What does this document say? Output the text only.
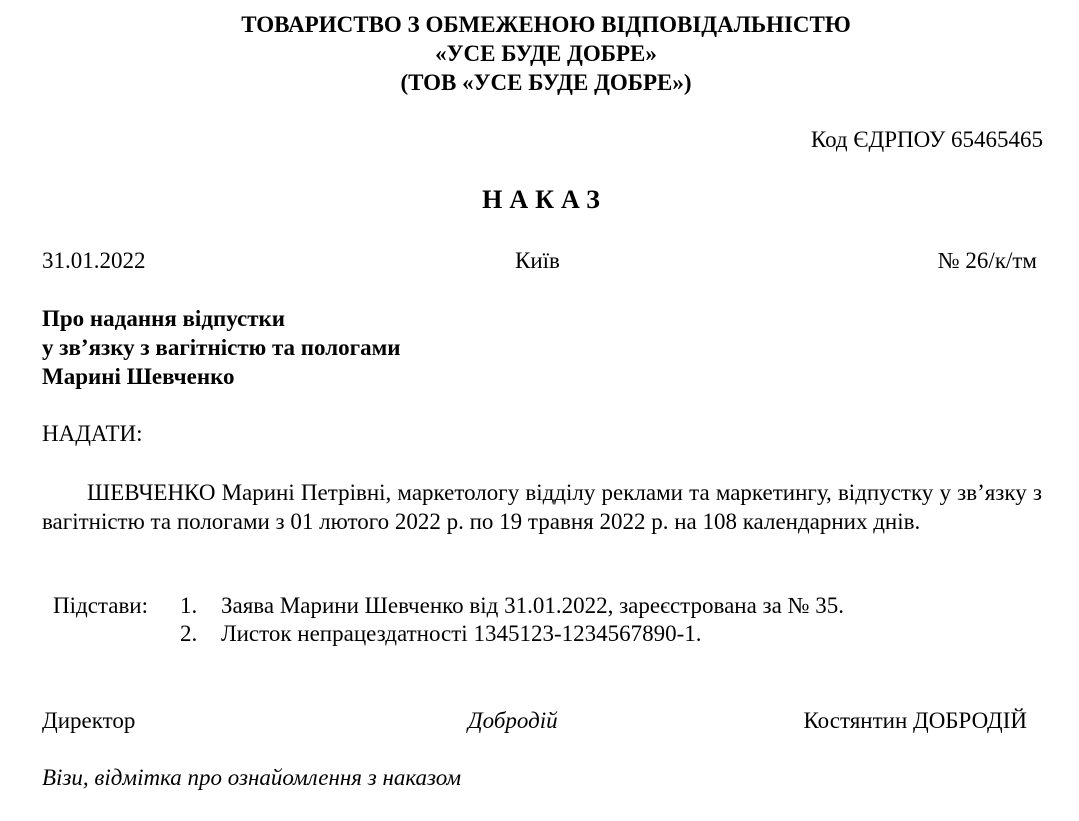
ТОВАРИСТВО З ОБМЕЖЕНОЮ ВІДПОВІДАЛЬНІСТЮ
«УСЕ БУДЕ ДОБРЕ»
(ТОВ «УСЕ БУДЕ ДОБРЕ»)
Код ЄДРПОУ 65465465
НАКАЗ
31.01.2022	Київ	№ 26/к/тм
Про надання відпустки
у зв’язку з вагітністю та пологами
Марині Шевченко
НАДАТИ:
ШЕВЧЕНКО Марині Петрівні, маркетологу відділу реклами та маркетингу, відпустку у зв’язку з вагітністю та пологами з 01 лютого 2022 р. по 19 травня 2022 р. на 108 календарних днів.
Підстави: 1. Заява Марини Шевченко від 31.01.2022, зареєстрована за № 35.
2. Листок непрацездатності 1345123-1234567890-1.
Директор	Добродій	Костянтин ДОБРОДІЙ
Візи, відмітка про ознайомлення з наказом
